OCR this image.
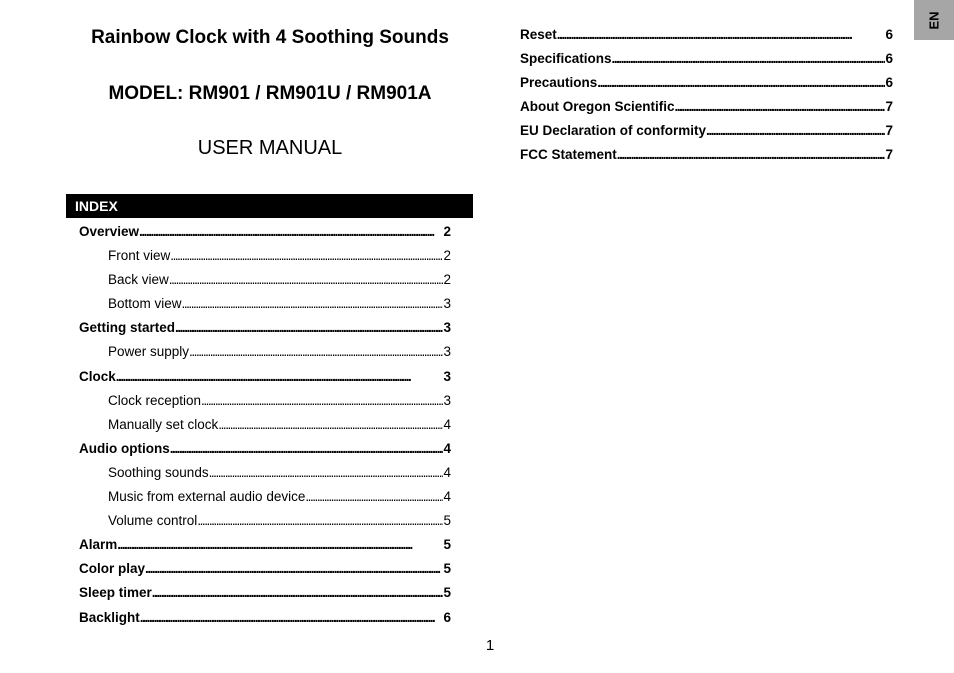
Rainbow Clock with 4 Soothing Sounds
MODEL: RM901 / RM901U / RM901A
USER MANUAL
INDEX
Overview . . .	2
Front view . . .	2
Back view . . .	2
Bottom view . . .	3
Getting started . . .	3
Power supply . . .	3
Clock . . .	3
Clock reception . . .	3
Manually set clock . . .	4
Audio options . . .	4
Soothing sounds . . .	4
Music from external audio device . . .	4
Volume control . . .	5
Alarm . . .	5
Color play . . .	5
Sleep timer . . .	5
Backlight . . .	6
Reset . . .	6
Specifications . . .	6
Precautions . . .	6
About Oregon Scientific . . .	7
EU Declaration of conformity . . .	7
FCC Statement . . .	7
EN
1
